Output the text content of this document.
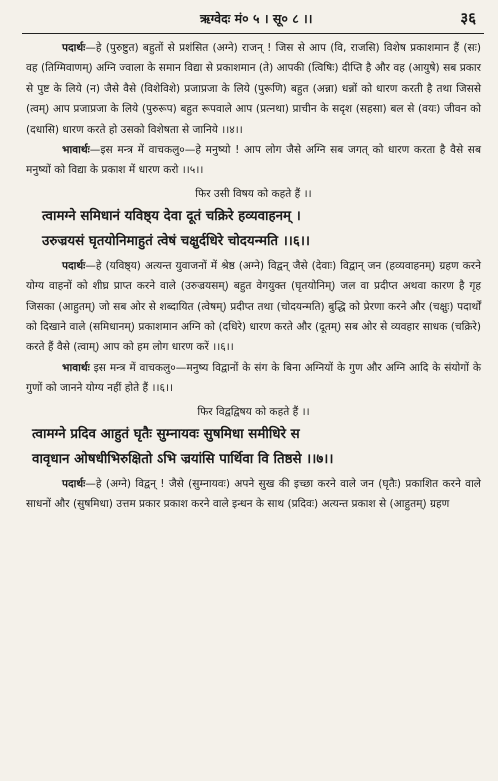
ऋग्वेदः मं० ५ । सू० ८ ।।	३६

पदार्थः—हे (पुरुष्टुत) बहुतों से प्रशंसित (अग्ने) राजन् ! जिस से आप (वि, राजसि) विशेष प्रकाशमान हैं (सः) वह (तिग्मिवाणम्) अग्नि ज्वाला के समान विद्या से प्रकाशमान (ते) आपकी (त्विषिः) दीप्ति है और वह (आयुषे) सब प्रकार से पुष्ट के लिये (न) जैसे वैसे (विशेविशे) प्रजाप्रजा के लिये (पुरूणि) बहुत (अन्ना) धन्नों को धारण करती है तथा जिससे (त्वम्) आप प्रजाप्रजा के लिये (पुरुरूप) बहुत रूपवाले आप (प्रत्नथा) प्राचीन के सदृश (सहसा) बल से (वयः) जीवन को (दधासि) धारण करते हो उसको विशेषता से जानिये ।।४।।

भावार्थः—इस मन्त्र में वाचकलु०—हे मनुष्यो ! आप लोग जैसे अग्नि सब जगत् को धारण करता है वैसे सब मनुष्यों को विद्या के प्रकाश में धारण करो ।।५।।

फिर उसी विषय को कहते हैं ।।

त्वामग्ने समिधानं यविष्ठ्य देवा दूतं चक्रिरे हव्यवाहनम् ।

उरुज्रयसं घृतयोनिमाहुतं त्वेषं चक्षुर्दधिरे चोदयन्मति ।।६।।

पदार्थः—हे (यविष्ठ्य) अत्यन्त युवाजनों में श्रेष्ठ (अग्ने) विद्वन् जैसे (देवाः) विद्वान् जन (हव्यवाहनम्) ग्रहण करने योग्य वाहनों को शीघ्र प्राप्त करने वाले (उरुज्रयसम्) बहुत वेगयुक्त (घृतयोनिम्) जल वा प्रदीप्त अथवा कारण है गृह जिसका (आहुतम्) जो सब ओर से शब्दायित (त्वेषम्) प्रदीप्त तथा (चोदयन्मति) बुद्धि को प्रेरणा करने और (चक्षुः) पदार्थों को दिखाने वाले (समिधानम्) प्रकाशमान अग्नि को (दधिरे) धारण करते और (दूतम्) सब ओर से व्यवहार साधक (चक्रिरे) करते हैं वैसे (त्वाम्) आप को हम लोग धारण करें ।।६।।

भावार्थः इस मन्त्र में वाचकलु०—मनुष्य विद्वानों के संग के बिना अग्नियों के गुण और अग्नि आदि के संयोगों के गुणों को जानने योग्य नहीं होते हैं ।।६।।

फिर विद्वद्विषय को कहते हैं ।।

त्वामग्ने प्रदिव आहुतं घृतैः सुम्नायवः सुषमिधा समीधिरे स

वावृधान ओषधीभिरुक्षितो ऽभि ज्रयांसि पार्थिवा वि तिष्ठसे ।।७।।

पदार्थः—हे (अग्ने) विद्वन् ! जैसे (सुम्नायवः) अपने सुख की इच्छा करने वाले जन (घृतैः) प्रकाशित करने वाले साधनों और (सुषमिधा) उत्तम प्रकार प्रकाश करने वाले इन्धन के साथ (प्रदिवः) अत्यन्त प्रकाश से (आहुतम्) ग्रहण
